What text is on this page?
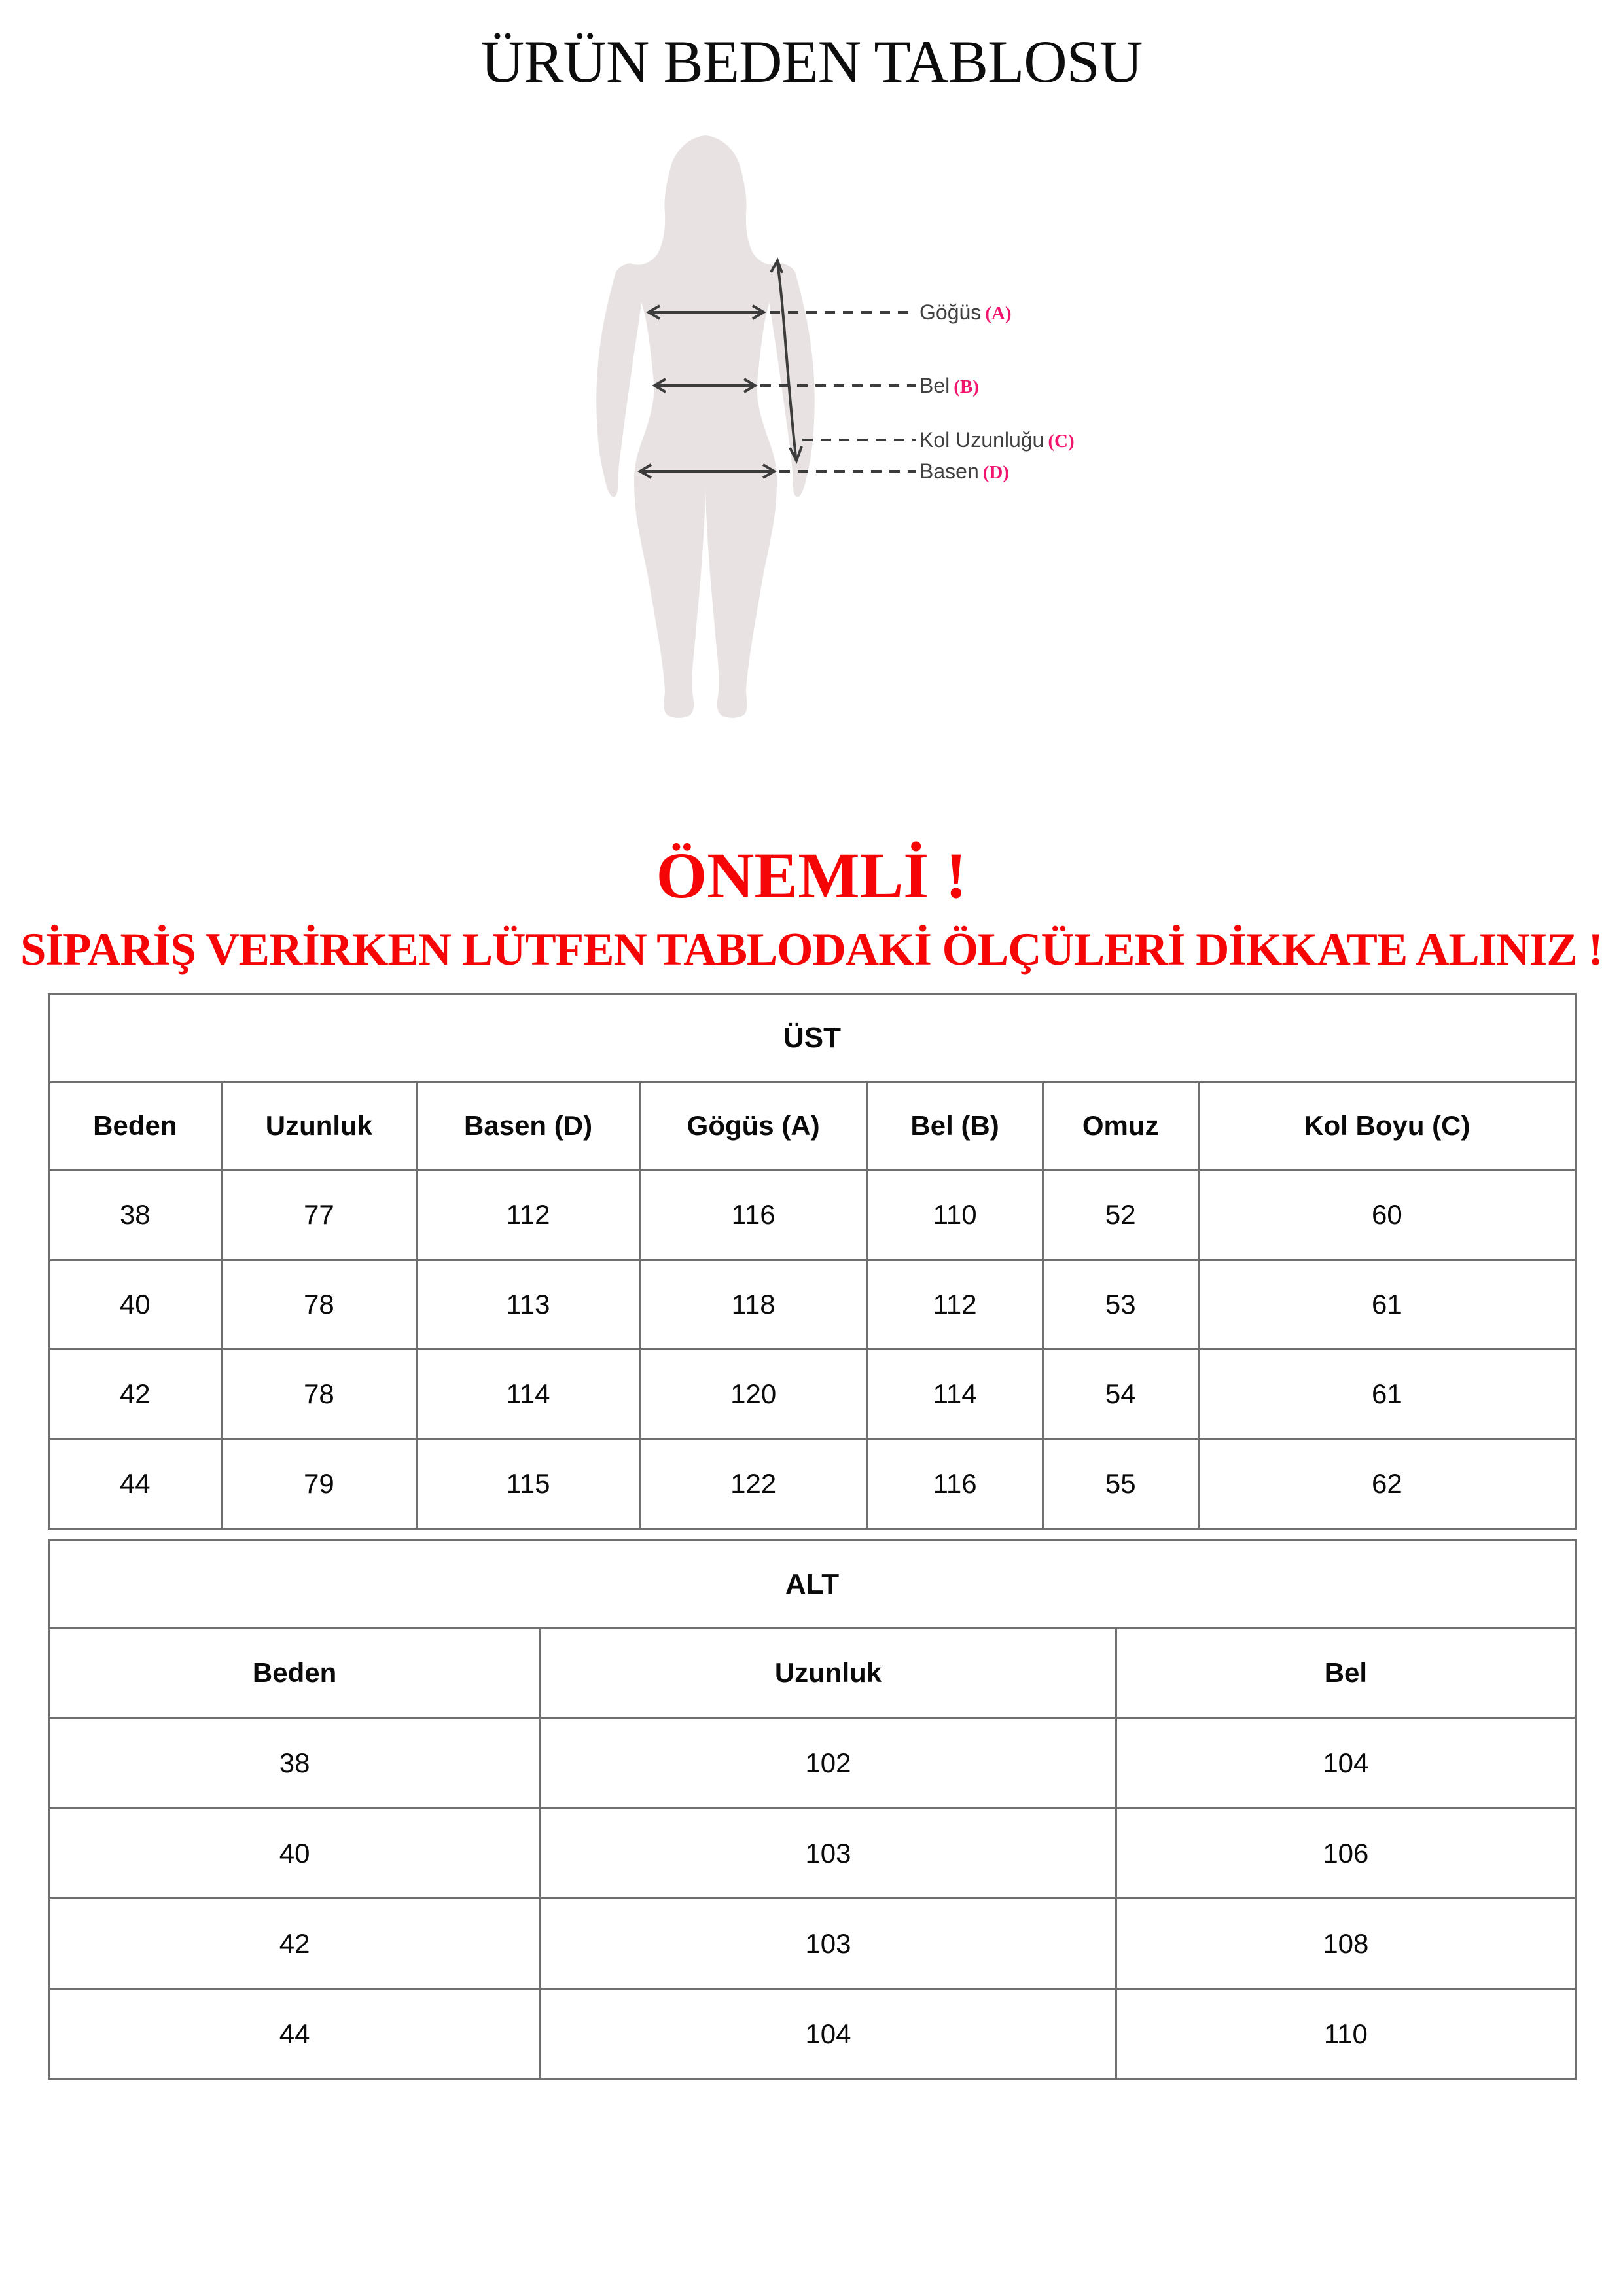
ÜRÜN BEDEN TABLOSU
Göğüs (A)
Bel (B)
Kol Uzunluğu (C)
Basen (D)
ÖNEMLİ !
SİPARİŞ VERİRKEN LÜTFEN TABLODAKİ ÖLÇÜLERİ DİKKATE ALINIZ !
ÜST						
Beden	Uzunluk	Basen (D)	Gögüs (A)	Bel (B)	Omuz	Kol Boyu (C)
38	77	112	116	110	52	60
40	78	113	118	112	53	61
42	78	114	120	114	54	61
44	79	115	122	116	55	62
ALT		
Beden	Uzunluk	Bel
38	102	104
40	103	106
42	103	108
44	104	110
